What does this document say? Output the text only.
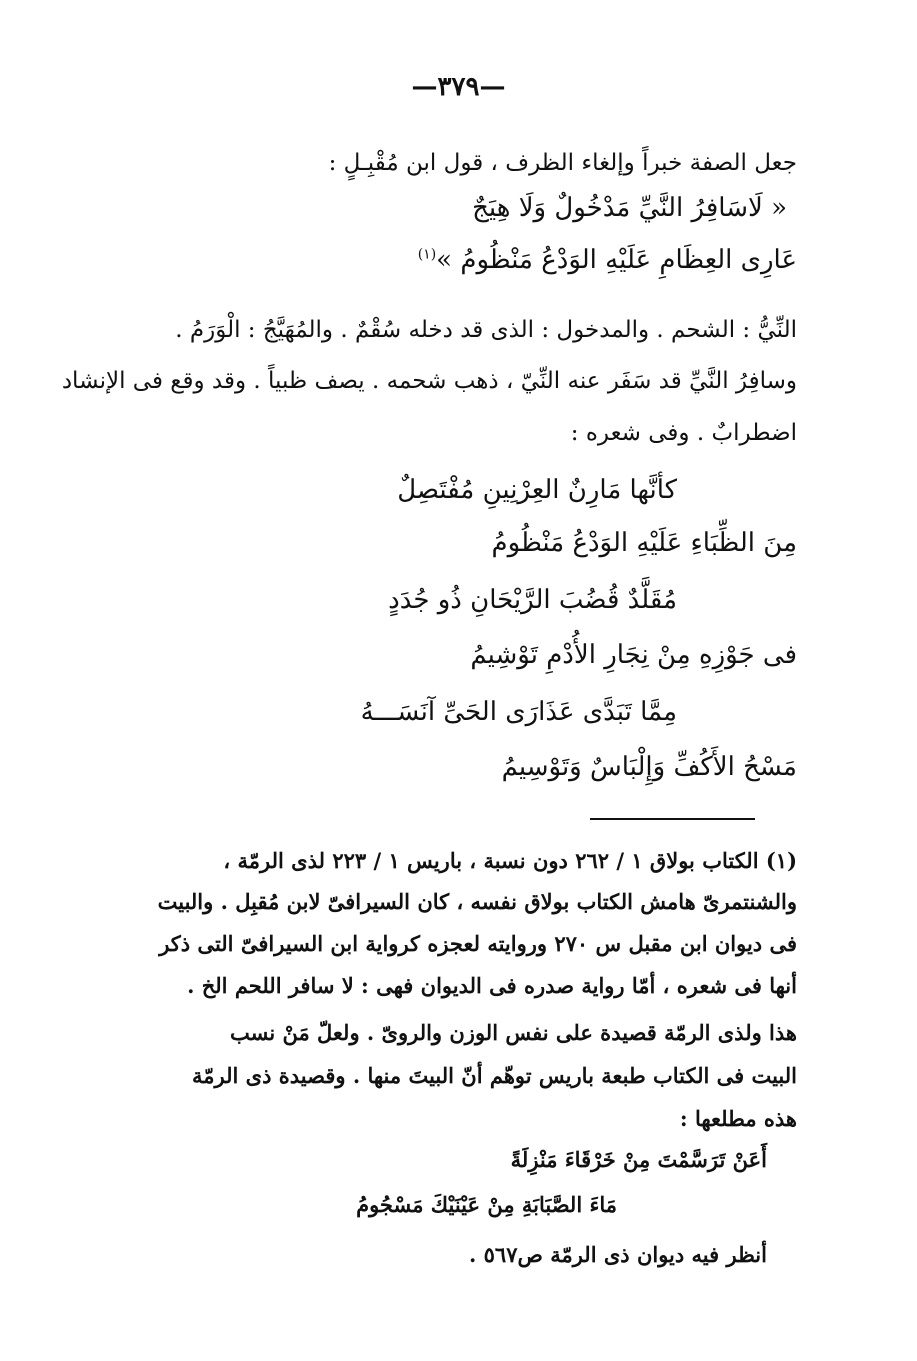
—٣٧٩—
جعل الصفة خبراً وإلغاء الظرف ، قول ابن مُقْبِـلٍ :
« لَاسَافِرُ النَّيِّ مَدْخُولٌ وَلَا هِيَجٌ
عَارِى العِظَامِ عَلَيْهِ الوَدْعُ مَنْظُومُ »$^{(١)}$
النِّيُّ : الشحم . والمدخول : الذى قد دخله سُقْمٌ . والمُهَيَّجُ : الْوَرَمُ .
وسافِرُ النَّيِّ قد سَفَر عنه النِّيّ ، ذهب شحمه . يصف ظبياً . وقد وقع فى الإنشاد
اضطرابٌ . وفى شعره :
كأنَّها مَارِنٌ العِرْنِينِ مُفْتَصِلٌ
مِنَ الظِّبَاءِ عَلَيْهِ الوَدْعُ مَنْظُومُ
مُقَلَّدٌ قُضُبَ الرَّيْحَانِ ذُو جُدَدٍ
فى جَوْزِهِ مِنْ نِجَارِ الأُدْمِ تَوْشِيمُ
مِمَّا تَبَدَّى عَذَارَى الحَىِّ آنَسَـــهُ
مَسْحُ الأَكُفِّ وَإِلْبَاسٌ وَتَوْسِيمُ
(١) الكتاب بولاق ١ / ٢٦٢ دون نسبة ، باريس ١ / ٢٢٣ لذى الرمّة ،
والشنتمرىّ هامش الكتاب بولاق نفسه ، كان السيرافىّ لابن مُقبِل . والبيت
فى ديوان ابن مقبل س ٢٧٠ وروايته لعجزه كرواية ابن السيرافىّ التى ذكر
أنها فى شعره ، أمّا رواية صدره فى الديوان فهى : لا سافر اللحم الخ .
هذا ولذى الرمّة قصيدة على نفس الوزن والروىّ . ولعلّ مَنْ نسب
البيت فى الكتاب طبعة باريس توهّم أنّ البيتَ منها . وقصيدة ذى الرمّة
هذه مطلعها :
أَعَنْ تَرَسَّمْتَ مِنْ خَرْقَاءَ مَنْزِلَةً
مَاءَ الصَّبَابَةِ مِنْ عَيْنَيْكَ مَسْجُومُ
أنظر فيه ديوان ذى الرمّة ص٥٦٧ .
